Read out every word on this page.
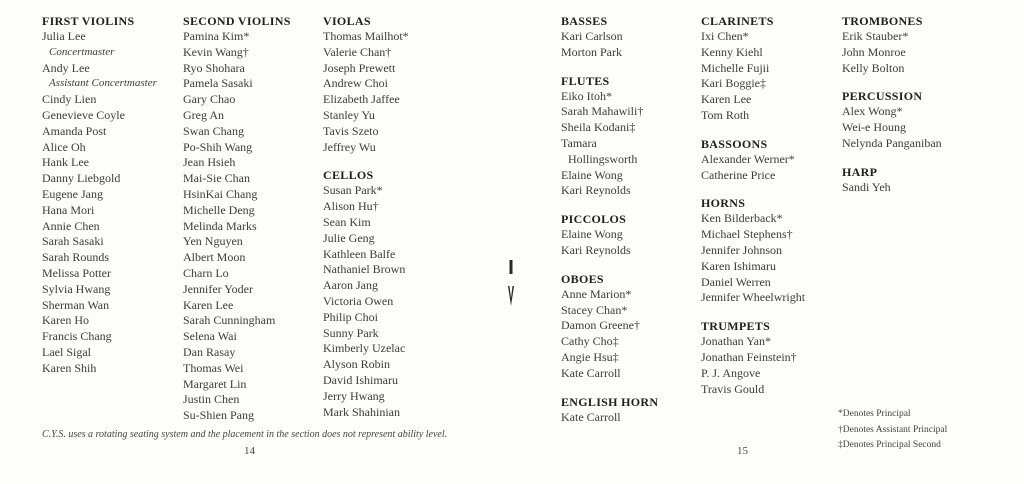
FIRST VIOLINS
Julia Lee
Concertmaster
Andy Lee
Assistant Concertmaster
Cindy Lien
Genevieve Coyle
Amanda Post
Alice Oh
Hank Lee
Danny Liebgold
Eugene Jang
Hana Mori
Annie Chen
Sarah Sasaki
Sarah Rounds
Melissa Potter
Sylvia Hwang
Sherman Wan
Karen Ho
Francis Chang
Lael Sigal
Karen Shih
SECOND VIOLINS
Pamina Kim*
Kevin Wang†
Ryo Shohara
Pamela Sasaki
Gary Chao
Greg An
Swan Chang
Po-Shih Wang
Jean Hsieh
Mai-Sie Chan
HsinKai Chang
Michelle Deng
Melinda Marks
Yen Nguyen
Albert Moon
Charn Lo
Jennifer Yoder
Karen Lee
Sarah Cunningham
Selena Wai
Dan Rasay
Thomas Wei
Margaret Lin
Justin Chen
Su-Shien Pang
VIOLAS
Thomas Mailhot*
Valerie Chan†
Joseph Prewett
Andrew Choi
Elizabeth Jaffee
Stanley Yu
Tavis Szeto
Jeffrey Wu
CELLOS
Susan Park*
Alison Hu†
Sean Kim
Julie Geng
Kathleen Balfe
Nathaniel Brown
Aaron Jang
Victoria Owen
Philip Choi
Sunny Park
Kimberly Uzelac
Alyson Robin
David Ishimaru
Jerry Hwang
Mark Shahinian
BASSES
Kari Carlson
Morton Park
FLUTES
Eiko Itoh*
Sarah Mahawili†
Sheila Kodani‡
Tamara
Hollingsworth
Elaine Wong
Kari Reynolds
PICCOLOS
Elaine Wong
Kari Reynolds
OBOES
Anne Marion*
Stacey Chan*
Damon Greene†
Cathy Cho‡
Angie Hsu‡
Kate Carroll
ENGLISH HORN
Kate Carroll
CLARINETS
Ixi Chen*
Kenny Kiehl
Michelle Fujii
Kari Boggie‡
Karen Lee
Tom Roth
BASSOONS
Alexander Werner*
Catherine Price
HORNS
Ken Bilderback*
Michael Stephens†
Jennifer Johnson
Karen Ishimaru
Daniel Werren
Jennifer Wheelwright
TRUMPETS
Jonathan Yan*
Jonathan Feinstein†
P. J. Angove
Travis Gould
TROMBONES
Erik Stauber*
John Monroe
Kelly Bolton
PERCUSSION
Alex Wong*
Wei-e Houng
Nelynda Panganiban
HARP
Sandi Yeh
C.Y.S. uses a rotating seating system and the placement in the section does not represent ability level.
14	15
*Denotes Principal
†Denotes Assistant Principal
‡Denotes Principal Second
